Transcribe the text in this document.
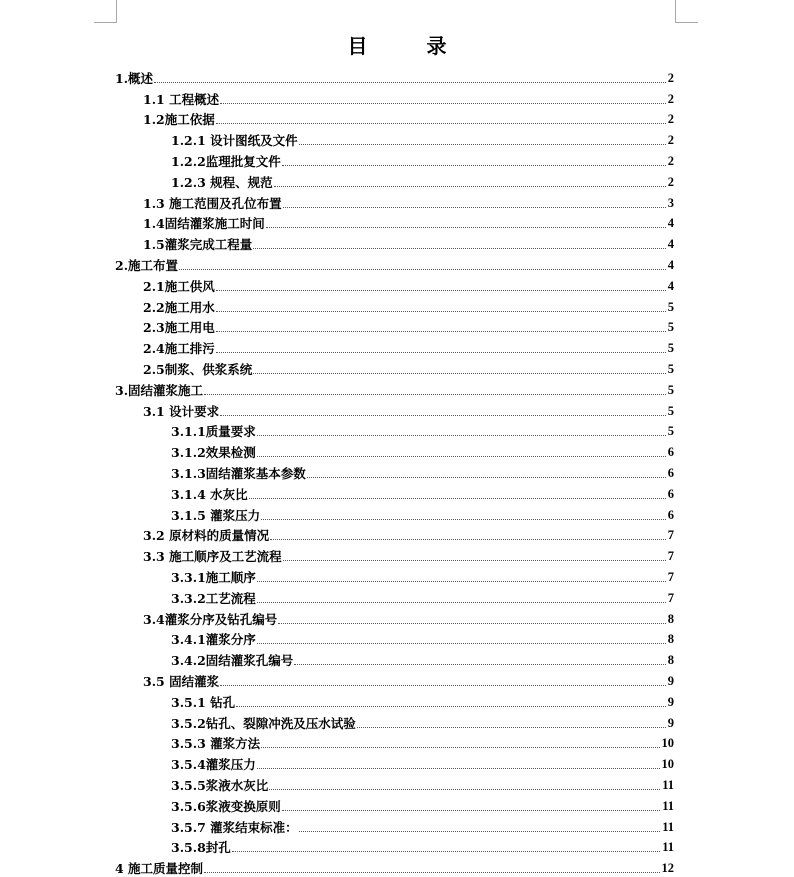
目 录
1.概述	2
1.1 工程概述	2
1.2施工依据	2
1.2.1 设计图纸及文件	2
1.2.2监理批复文件	2
1.2.3 规程、规范	2
1.3 施工范围及孔位布置	3
1.4固结灌浆施工时间	4
1.5灌浆完成工程量	4
2.施工布置	4
2.1施工供风	4
2.2施工用水	5
2.3施工用电	5
2.4施工排污	5
2.5制浆、供浆系统	5
3.固结灌浆施工	5
3.1 设计要求	5
3.1.1质量要求	5
3.1.2效果检测	6
3.1.3固结灌浆基本参数	6
3.1.4 水灰比	6
3.1.5 灌浆压力	6
3.2 原材料的质量情况	7
3.3 施工顺序及工艺流程	7
3.3.1施工顺序	7
3.3.2工艺流程	7
3.4灌浆分序及钻孔编号	8
3.4.1灌浆分序	8
3.4.2固结灌浆孔编号	8
3.5 固结灌浆	9
3.5.1 钻孔	9
3.5.2钻孔、裂隙冲洗及压水试验	9
3.5.3 灌浆方法	10
3.5.4灌浆压力	10
3.5.5浆液水灰比	11
3.5.6浆液变换原则	11
3.5.7 灌浆结束标准：	11
3.5.8封孔	11
4 施工质量控制	12
